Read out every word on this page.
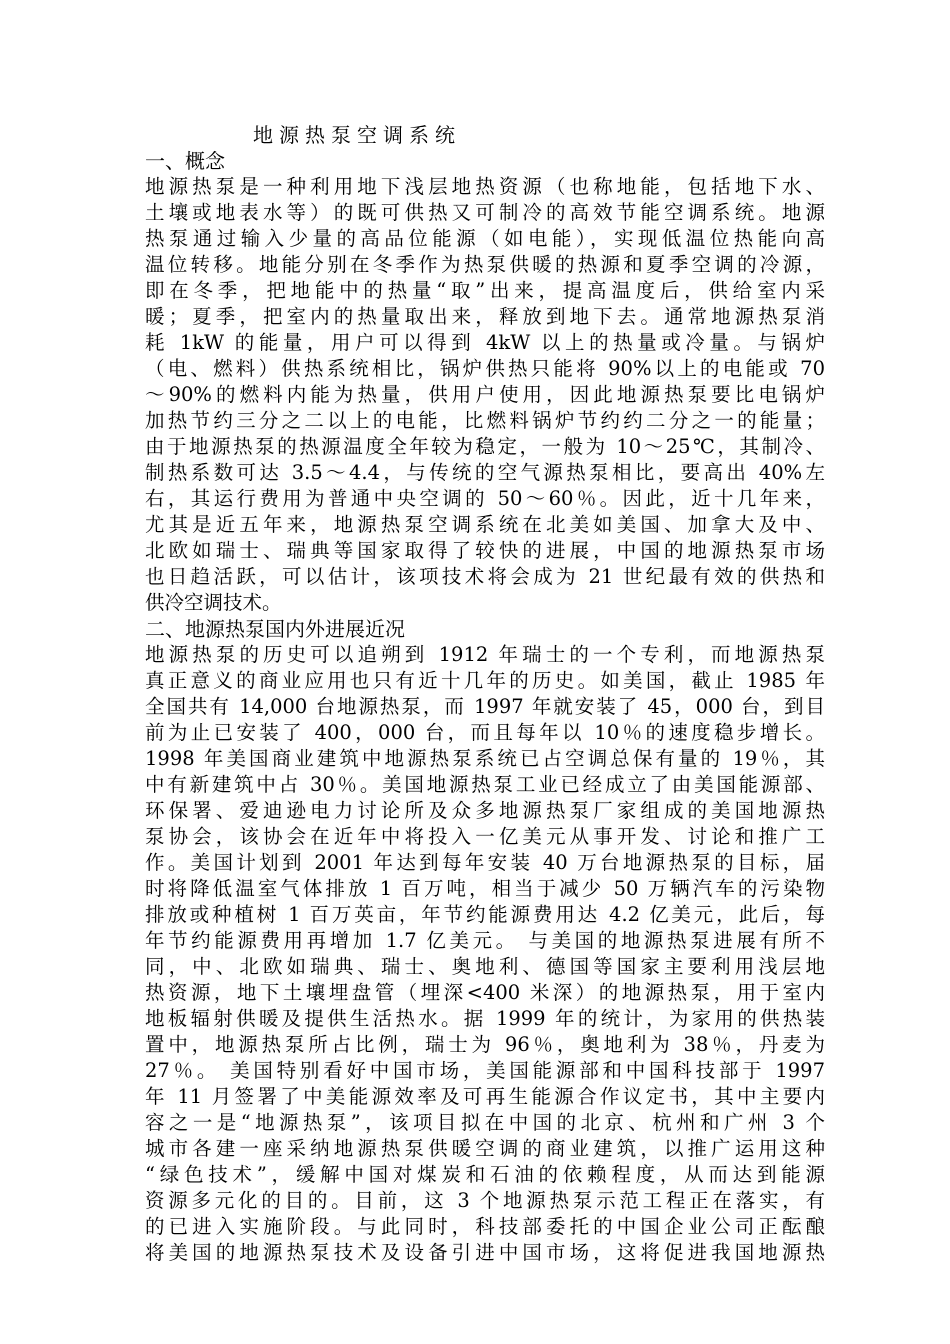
地源热泵空调系统
一、概念
地源热泵是一种利用地下浅层地热资源（也称地能，包括地下水、
土壤或地表水等）的既可供热又可制冷的高效节能空调系统。地源
热泵通过输入少量的高品位能源（如电能），实现低温位热能向高
温位转移。地能分别在冬季作为热泵供暖的热源和夏季空调的冷源，
即在冬季，把地能中的热量“取”出来，提高温度后，供给室内采
暖；夏季，把室内的热量取出来，释放到地下去。通常地源热泵消
耗 1kW 的能量，用户可以得到 4kW 以上的热量或冷量。与锅炉
（电、燃料）供热系统相比，锅炉供热只能将 90%以上的电能或 70
～90%的燃料内能为热量，供用户使用，因此地源热泵要比电锅炉
加热节约三分之二以上的电能，比燃料锅炉节约约二分之一的能量；
由于地源热泵的热源温度全年较为稳定，一般为 10～25℃，其制冷、
制热系数可达 3.5～4.4，与传统的空气源热泵相比，要高出 40%左
右，其运行费用为普通中央空调的 50～60％。因此，近十几年来，
尤其是近五年来，地源热泵空调系统在北美如美国、加拿大及中、
北欧如瑞士、瑞典等国家取得了较快的进展，中国的地源热泵市场
也日趋活跃，可以估计，该项技术将会成为 21 世纪最有效的供热和
供冷空调技术。
二、地源热泵国内外进展近况
地源热泵的历史可以追朔到 1912 年瑞士的一个专利，而地源热泵
真正意义的商业应用也只有近十几年的历史。如美国，截止 1985 年
全国共有 14,000 台地源热泵，而 1997 年就安装了 45，000 台，到目
前为止已安装了 400，000 台，而且每年以 10％的速度稳步增长。
1998 年美国商业建筑中地源热泵系统已占空调总保有量的 19％，其
中有新建筑中占 30％。美国地源热泵工业已经成立了由美国能源部、
环保署、爱迪逊电力讨论所及众多地源热泵厂家组成的美国地源热
泵协会，该协会在近年中将投入一亿美元从事开发、讨论和推广工
作。美国计划到 2001 年达到每年安装 40 万台地源热泵的目标，届
时将降低温室气体排放 1 百万吨，相当于减少 50 万辆汽车的污染物
排放或种植树 1 百万英亩，年节约能源费用达 4.2 亿美元，此后，每
年节约能源费用再增加 1.7 亿美元。 与美国的地源热泵进展有所不
同，中、北欧如瑞典、瑞士、奥地利、德国等国家主要利用浅层地
热资源，地下土壤埋盘管（埋深<400 米深）的地源热泵，用于室内
地板辐射供暖及提供生活热水。据 1999 年的统计，为家用的供热装
置中，地源热泵所占比例，瑞士为 96％，奥地利为 38％，丹麦为
27％。 美国特别看好中国市场，美国能源部和中国科技部于 1997
年 11 月签署了中美能源效率及可再生能源合作议定书，其中主要内
容之一是“地源热泵”，该项目拟在中国的北京、杭州和广州 3 个
城市各建一座采纳地源热泵供暖空调的商业建筑，以推广运用这种
“绿色技术”，缓解中国对煤炭和石油的依赖程度，从而达到能源
资源多元化的目的。目前，这 3 个地源热泵示范工程正在落实，有
的已进入实施阶段。与此同时，科技部委托的中国企业公司正酝酿
将美国的地源热泵技术及设备引进中国市场，这将促进我国地源热
